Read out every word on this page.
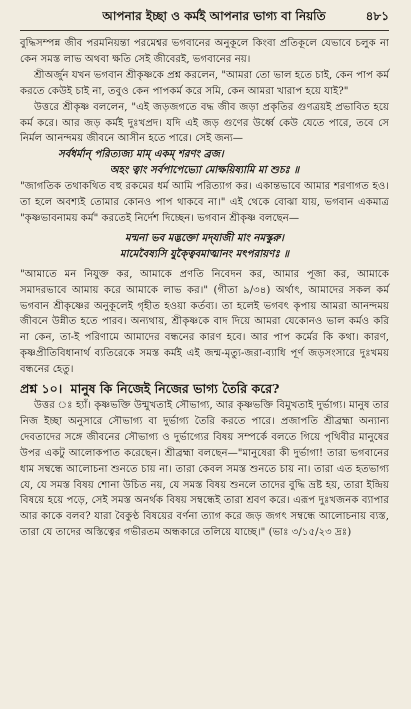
আপনার ইচ্ছা ও কর্মই আপনার ভাগ্য বা নিয়তি	৪৮১

বুদ্ধিসম্পন্ন জীব পরমনিয়ন্তা পরমেশ্বর ভগবানের অনুকূলে কিংবা প্রতিকূলে যেভাবে চলুক না কেন সমস্ত লাভ অথবা ক্ষতি সেই জীবেরই, ভগবানের নয়।

শ্রীঅর্জুন যখন ভগবান শ্রীকৃষ্ণকে প্রশ্ন করলেন, "আমরা তো ভাল হতে চাই, কেন পাপ কর্ম করতে কেউই চাই না, তবুও কেন পাপকর্ম করে সমি, কেন আমরা খারাপ হয়ে যাই?"

উত্তরে শ্রীকৃষ্ণ বললেন, "এই জড়জগতে বদ্ধ জীব জড়া প্রকৃতির গুণত্রয়ই প্রভাবিত হয়ে কর্ম করে। আর জড় কর্মই দুঃখপ্রদ। যদি এই জড় গুণের উর্ধ্বে কেউ যেতে পারে, তবে সে নির্মল আনন্দময় জীবনে আসীন হতে পারে। সেই জন্য—

সর্বধর্মান্ পরিত্যজ্য মাম্ একম্ শরণং ব্রজ।

অহং ত্বাং সর্বপাপেভ্যো মোক্ষয়িষ্যামি মা শুচঃ ॥

"জাগতিক তথাকথিত বহু রকমের ধর্ম আমি পরিত্যাগ কর। একান্তভাবে আমার শরণাগত হও। তা হলে অবশ্যই তোমার কোনও পাপ থাকবে না।" এই থেকে বোঝা যায়, ভগবান একমাত্র "কৃষ্ণভাবনাময় কর্ম" করতেই নির্দেশ দিচ্ছেন। ভগবান শ্রীকৃষ্ণ বলছেন—

মন্মনা ভব মদ্ভক্তো মদ্‌যাজী মাং নমস্কুরু।

মামেবৈষ্যসি যুক্ত্বৈবমাত্মানং মৎপরায়ণঃ ॥

"আমাতে মন নিযুক্ত কর, আমাকে প্রণতি নিবেদন কর, আমার পূজা কর, আমাকে সমাদরভাবে আমায় করে আমাকে লাভ কর।" (গীতা ৯/৩৪) অর্থাৎ, আমাদের সকল কর্ম ভগবান শ্রীকৃষ্ণের অনুকূলেই গৃহীত হওয়া কর্তব্য। তা হলেই ভগবৎ কৃপায় আমরা আনন্দময় জীবনে উন্নীত হতে পারব। অন্যথায়, শ্রীকৃষ্ণকে বাদ দিয়ে আমরা যেকোনও ভাল কর্মও করি না কেন, তা-ই পরিণামে আমাদের বন্ধনের কারণ হবে। আর পাপ কর্মের কি কথা। কারণ, কৃষ্ণপ্রীতিবিধানার্থ ব্যতিরেকে সমস্ত কর্মই এই জন্ম-মৃত্যু-জরা-ব্যাধি পূর্ণ জড়সংসারে দুঃখময় বন্ধনের হেতু।

প্রশ্ন ১০। মানুষ কি নিজেই নিজের ভাগ্য তৈরি করে?

উত্তর ঃ হ্যাঁ। কৃষ্ণভক্তি উন্মুখতাই সৌভাগ্য, আর কৃষ্ণভক্তি বিমুখতাই দুর্ভাগ্য। মানুষ তার নিজ ইচ্ছা অনুসারে সৌভাগ্য বা দুর্ভাগ্য তৈরি করতে পারে। প্রজাপতি শ্রীব্রহ্মা অন্যান্য দেবতাদের সঙ্গে জীবনের সৌভাগ্য ও দুর্ভাগ্যের বিষয় সম্পর্কে বলতে গিয়ে পৃথিবীর মানুষের উপর একটু আলোকপাত করেছেন। শ্রীব্রহ্মা বলছেন—"মানুষেরা কী দুর্ভাগা! তারা ভগবানের ধাম সম্বন্ধে আলোচনা শুনতে চায় না। তারা কেবল সমস্ত শুনতে চায় না। তারা এত হতভাগ্য যে, যে সমস্ত বিষয় শোনা উচিত নয়, যে সমস্ত বিষয় শুনলে তাদের বুদ্ধি ভ্রষ্ট হয়, তারা ইন্দ্রিয় বিষয়ে হয়ে পড়ে, সেই সমস্ত অনর্থক বিষয় সম্বন্ধেই তারা শ্রবণ করে। এরূপ দুঃখজনক ব্যাপার আর কাকে বলব? যারা বৈকুণ্ঠ বিষয়ের বর্ণনা ত্যাগ করে জড় জগৎ সম্বন্ধে আলোচনায় ব্যস্ত, তারা যে তাদের অস্তিত্বের গভীরতম অন্ধকারে তলিয়ে যাচ্ছে।" (ভাঃ ৩/১৫/২৩ দ্রঃ)
